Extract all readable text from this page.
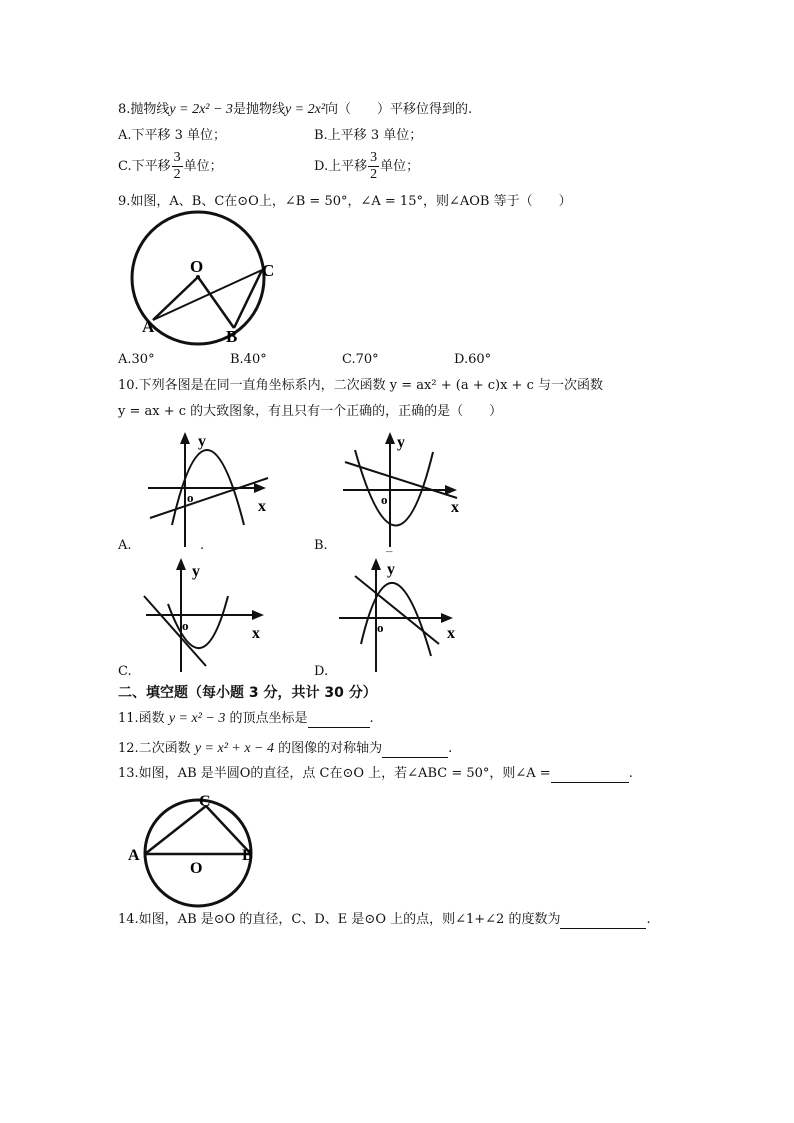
8.抛物线y = 2x² − 3是抛物线y = 2x²向（　　）平移位得到的.
A.下平移 3 单位；	B.上平移 3 单位；
C.下平移 $\frac{3}{2}$ 单位；	D.上平移 $\frac{3}{2}$ 单位；
9.如图，A、B、C在⊙O上，∠B = 50°，∠A = 15°，则∠AOB 等于（　　）
O
A
B
C
A.30°	B.40°	C.70°	D.60°
10.下列各图是在同一直角坐标系内，二次函数 y = ax² + (a + c)x + c 与一次函数
y = ax + c 的大致图象，有且只有一个正确的，正确的是（　　）
y
x
o
A.	.
y
x
o
B.	_
y
x
o
C.
y
x
o
D.
二、填空题（每小题 3 分，共计 30 分）
11.函数 y = x² − 3 的顶点坐标是	.
12.二次函数 y = x² + x − 4 的图像的对称轴为	.
13.如图，AB 是半圆O的直径，点 C在⊙O 上，若∠ABC = 50°，则∠A =	.
C
A	B
O
14.如图，AB 是⊙O 的直径，C、D、E 是⊙O 上的点，则∠1+∠2 的度数为	.
